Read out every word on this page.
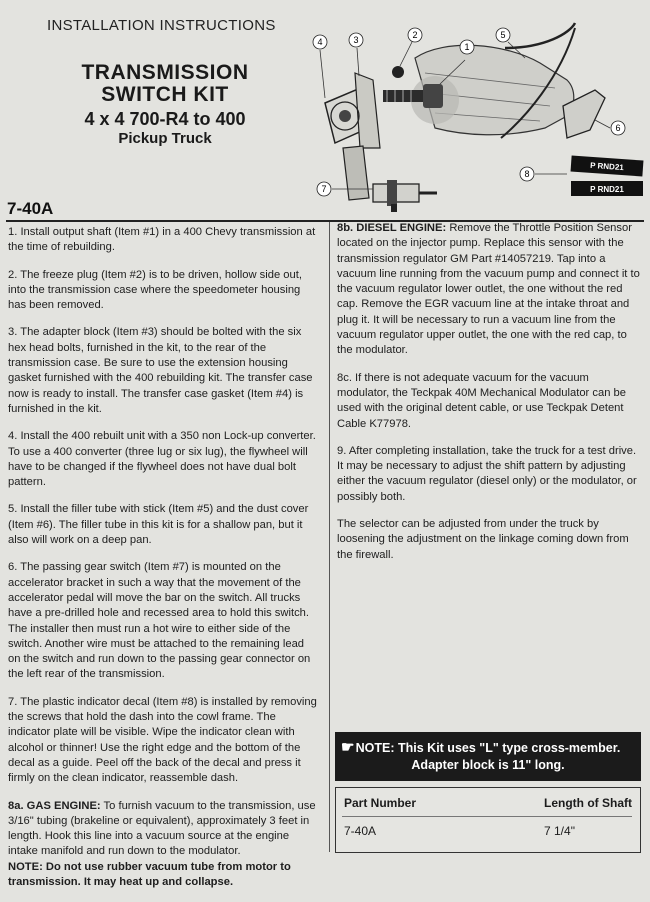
INSTALLATION INSTRUCTIONS
TRANSMISSION
SWITCH KIT
4 x 4 700-R4 to 400
Pickup Truck
1
2
3
4
5
6
7
8
P RND21
P RND21
7-40A

1. Install output shaft (Item #1) in a 400 Chevy transmission at the time of rebuilding.

2. The freeze plug (Item #2) is to be driven, hollow side out, into the transmission case where the speedometer housing has been removed.

3. The adapter block (Item #3) should be bolted with the six hex head bolts, furnished in the kit, to the rear of the transmission case. Be sure to use the extension housing gasket furnished with the 400 rebuilding kit. The transfer case now is ready to install. The transfer case gasket (Item #4) is furnished in the kit.

4. Install the 400 rebuilt unit with a 350 non Lock-up converter. To use a 400 converter (three lug or six lug), the flywheel will have to be changed if the flywheel does not have dual bolt pattern.

5. Install the filler tube with stick (Item #5) and the dust cover (Item #6). The filler tube in this kit is for a shallow pan, but it also will work on a deep pan.

6. The passing gear switch (Item #7) is mounted on the accelerator bracket in such a way that the movement of the accelerator pedal will move the bar on the switch. All trucks have a pre-drilled hole and recessed area to hold this switch. The installer then must run a hot wire to either side of the switch. Another wire must be attached to the remaining lead on the switch and run down to the passing gear connector on the left rear of the transmission.

7. The plastic indicator decal (Item #8) is installed by removing the screws that hold the dash into the cowl frame. The indicator plate will be visible. Wipe the indicator clean with alcohol or thinner! Use the right edge and the bottom of the decal as a guide. Peel off the back of the decal and press it firmly on the clean indicator, reassemble dash.

8a. GAS ENGINE: To furnish vacuum to the transmission, use 3/16" tubing (brakeline or equivalent), approximately 3 feet in length. Hook this line into a vacuum source at the engine intake manifold and run down to the modulator.
NOTE: Do not use rubber vacuum tube from motor to transmission. It may heat up and collapse.

8b. DIESEL ENGINE: Remove the Throttle Position Sensor located on the injector pump. Replace this sensor with the transmission regulator GM Part #14057219. Tap into a vacuum line running from the vacuum pump and connect it to the vacuum regulator lower outlet, the one without the red cap. Remove the EGR vacuum line at the intake throat and plug it. It will be necessary to run a vacuum line from the vacuum regulator upper outlet, the one with the red cap, to the modulator.

8c. If there is not adequate vacuum for the vacuum modulator, the Teckpak 40M Mechanical Modulator can be used with the original detent cable, or use Teckpak Detent Cable K77978.

9. After completing installation, take the truck for a test drive. It may be necessary to adjust the shift pattern by adjusting either the vacuum regulator (diesel only) or the modulator, or possibly both.

The selector can be adjusted from under the truck by loosening the adjustment on the linkage coming down from the firewall.

☛ NOTE: This Kit uses "L" type cross-member.
Adapter block is 11" long.
Part Number	Length of Shaft
7-40A	7 1/4"
